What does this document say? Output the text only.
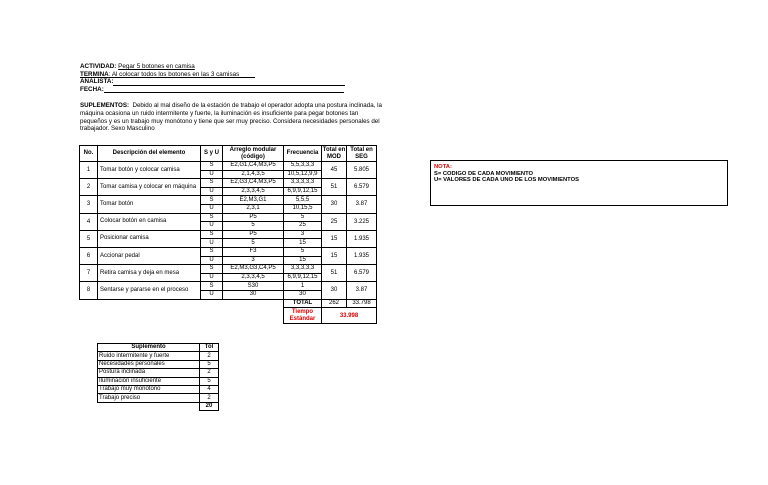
ACTIVIDAD: Pegar 5 botones en camisa
TERMINA: Al colocar todos los botones en las 3 camisas
ANALISTA:
FECHA:
SUPLEMENTOS: Debido al mal diseño de la estación de trabajo el operador adopta una postura inclinada, la máquina ocasiona un ruido intermitente y fuerte, la iluminación es insuficiente para pegar botones tan pequeños y es un trabajo muy monótono y tiene que ser muy preciso. Considera necesidades personales del trabajador. Sexo Masculino
No.	Descripción del elemento	S y U	Arreglo modular (código)	Frecuencia	Total en MOD	Total en SEG
1	Tomar botón y colocar camisa	S	E2,G1,C4,M3,P5	5,5,3,3,3	45	5.805
		U	2,1,4,3,5	10,5,12,9,9		
2	Tomar camisa y colocar en máquina	S	E2,G3,C4,M3,P5	3,3,3,3,3	51	6.579
		U	2,3,3,4,5	6,9,9,12,15		
3	Tomar botón	S	E2,M3,G1	5,5,5	30	3.87
		U	2,3,1	10,15,5		
4	Colocar botón en camisa	S	P5	5	25	3.225
		U	5	25		
5	Posicionar camisa	S	P5	3	15	1.935
		U	5	15		
6	Accionar pedal	S	F3	5	15	1.935
		U	3	15		
7	Retira camisa y deja en mesa	S	E2,M3,G3,C4,P5	3,3,3,3,3	51	6.579
		U	2,3,3,4,5	6,9,9,12,15		
8	Sentarse y pararse en el proceso	S	S30	1	30	3.87
		U	30	30		
				TOTAL	262	33.798
				Tiempo Estándar	33.998	
NOTA:
S= CODIGO DE CADA MOVIMIENTO
U= VALORES DE CADA UNO DE LOS MOVIMIENTOS
Suplemento	Tol
Ruido intermitente y fuerte	2
Necesidades personales	5
Postura inclinada	2
Iluminación insuficiente	5
Trabajo muy monótono	4
Trabajo preciso	2
	20
